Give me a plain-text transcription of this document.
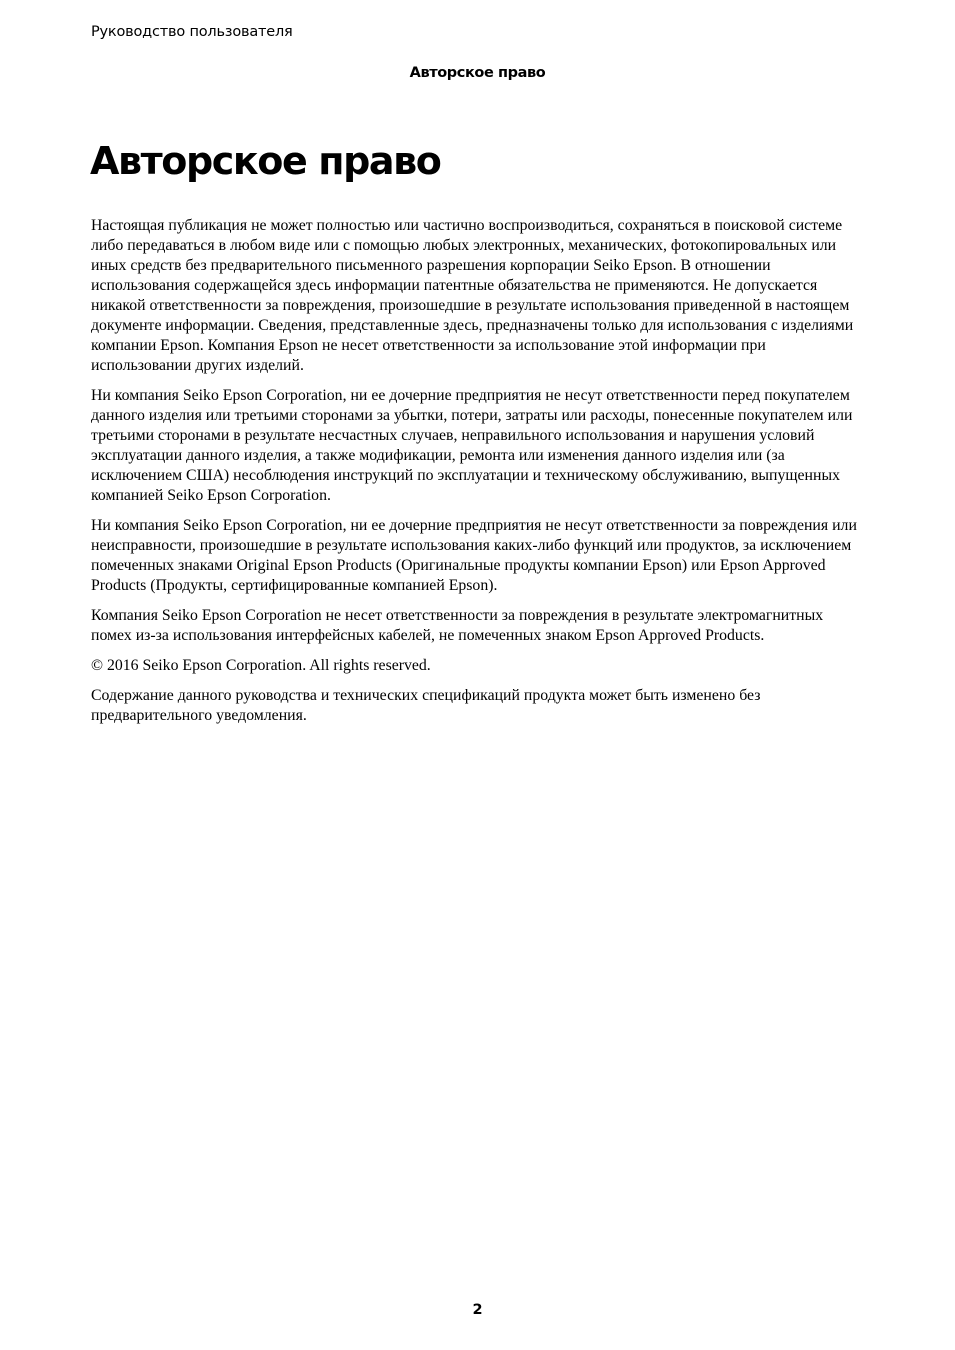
Руководство пользователя
Авторское право
Авторское право

Настоящая публикация не может полностью или частично воспроизводиться, сохраняться в поисковой системе либо передаваться в любом виде или с помощью любых электронных, механических, фотокопировальных или иных средств без предварительного письменного разрешения корпорации Seiko Epson. В отношении использования содержащейся здесь информации патентные обязательства не применяются. Не допускается никакой ответственности за повреждения, произошедшие в результате использования приведенной в настоящем документе информации. Сведения, представленные здесь, предназначены только для использования с изделиями компании Epson. Компания Epson не несет ответственности за использование этой информации при использовании других изделий.

Ни компания Seiko Epson Corporation, ни ее дочерние предприятия не несут ответственности перед покупателем данного изделия или третьими сторонами за убытки, потери, затраты или расходы, понесенные покупателем или третьими сторонами в результате несчастных случаев, неправильного использования и нарушения условий эксплуатации данного изделия, а также модификации, ремонта или изменения данного изделия или (за исключением США) несоблюдения инструкций по эксплуатации и техническому обслуживанию, выпущенных компанией Seiko Epson Corporation.

Ни компания Seiko Epson Corporation, ни ее дочерние предприятия не несут ответственности за повреждения или неисправности, произошедшие в результате использования каких-либо функций или продуктов, за исключением помеченных знаками Original Epson Products (Оригинальные продукты компании Epson) или Epson Approved Products (Продукты, сертифицированные компанией Epson).

Компания Seiko Epson Corporation не несет ответственности за повреждения в результате электромагнитных помех из-за использования интерфейсных кабелей, не помеченных знаком Epson Approved Products.

© 2016 Seiko Epson Corporation. All rights reserved.

Содержание данного руководства и технических спецификаций продукта может быть изменено без предварительного уведомления.

2
